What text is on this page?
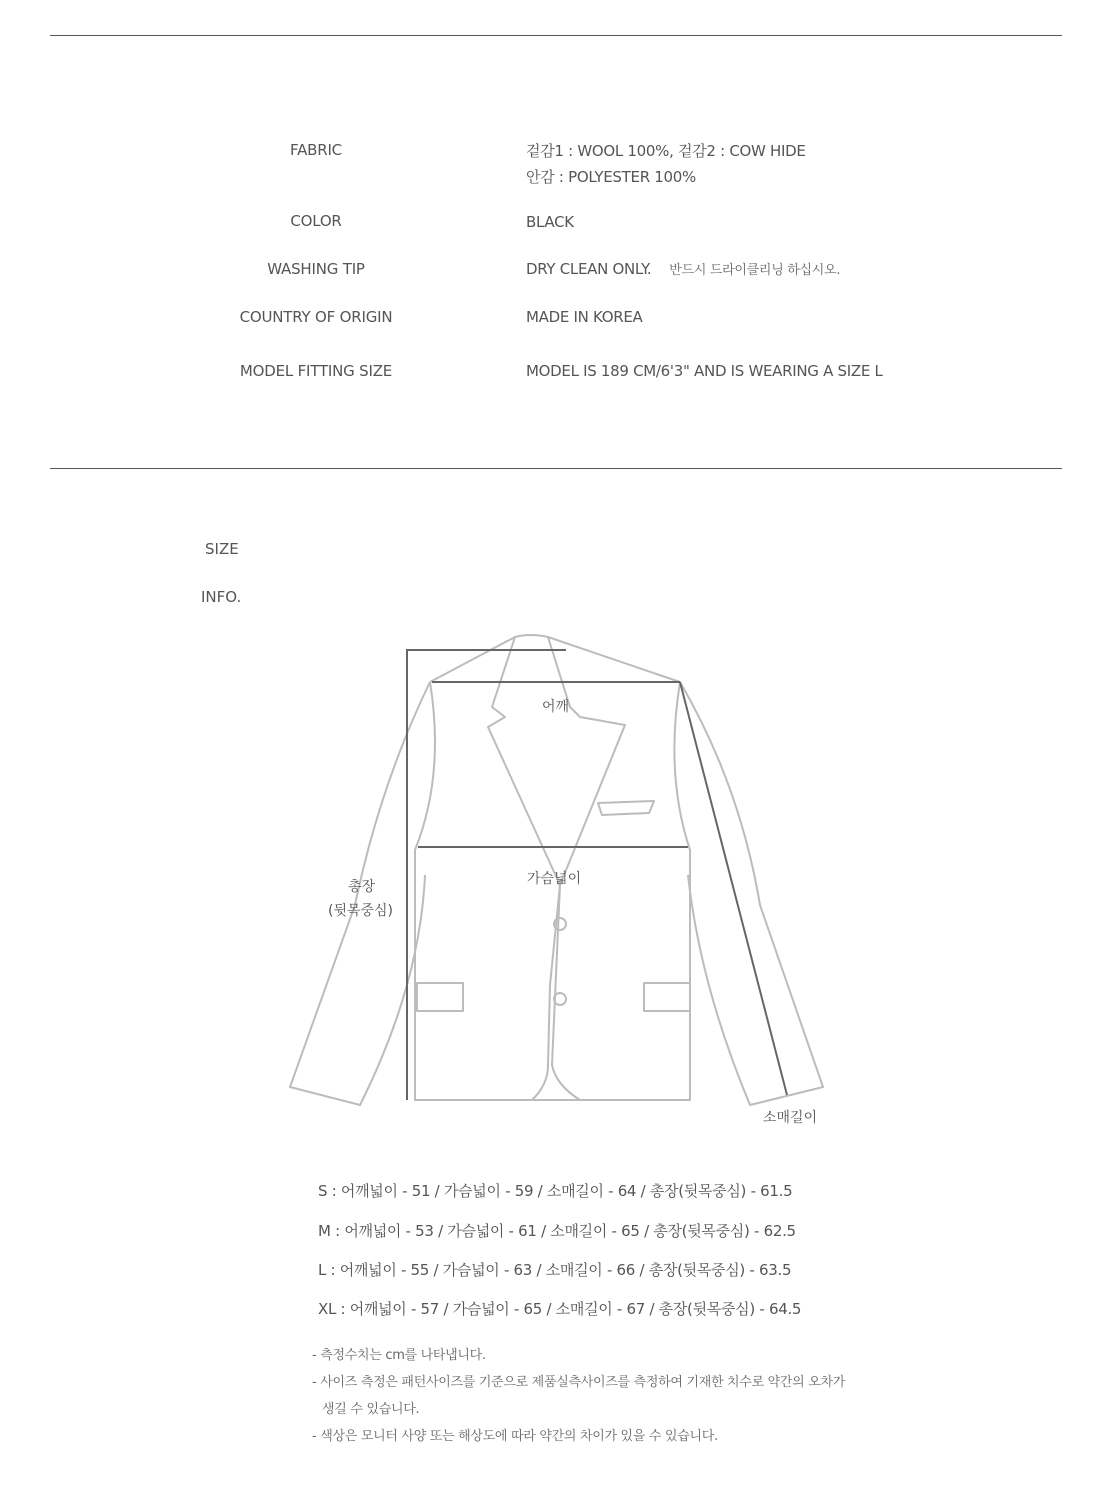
FABRIC	겉감1 : WOOL 100%, 겉감2 : COW HIDE
안감 : POLYESTER 100%
COLOR	BLACK
WASHING TIP	DRY CLEAN ONLY. 반드시 드라이클리닝 하십시오.
COUNTRY OF ORIGIN	MADE IN KOREA
MODEL FITTING SIZE	MODEL IS 189 CM/6'3" AND IS WEARING A SIZE L
SIZE
INFO.
어깨
가슴넓이
총장
(뒷목중심)
소매길이
S : 어깨넓이 - 51 / 가슴넓이 - 59 / 소매길이 - 64 / 총장(뒷목중심) - 61.5
M : 어깨넓이 - 53 / 가슴넓이 - 61 / 소매길이 - 65 / 총장(뒷목중심) - 62.5
L : 어깨넓이 - 55 / 가슴넓이 - 63 / 소매길이 - 66 / 총장(뒷목중심) - 63.5
XL : 어깨넓이 - 57 / 가슴넓이 - 65 / 소매길이 - 67 / 총장(뒷목중심) - 64.5
- 측정수치는 cm를 나타냅니다.
- 사이즈 측정은 패턴사이즈를 기준으로 제품실측사이즈를 측정하여 기재한 치수로 약간의 오차가
생길 수 있습니다.
- 색상은 모니터 사양 또는 해상도에 따라 약간의 차이가 있을 수 있습니다.
